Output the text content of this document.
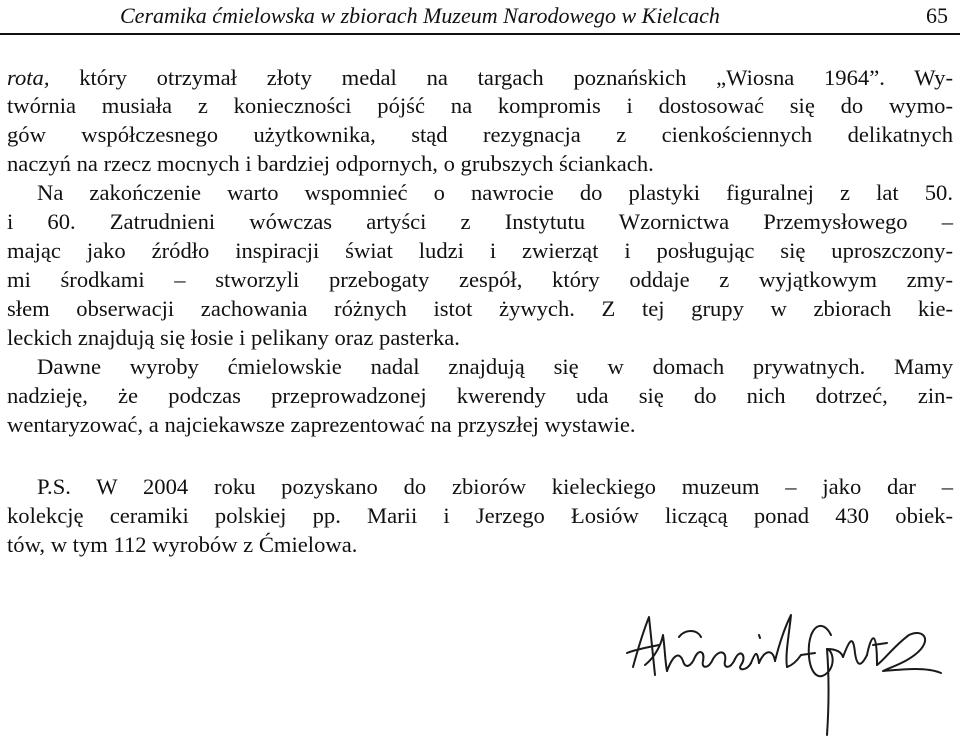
Ceramika ćmielowska w zbiorach Muzeum Narodowego w Kielcach	65
rota, który otrzymał złoty medal na targach poznańskich „Wiosna 1964”. Wy-
twórnia musiała z konieczności pójść na kompromis i dostosować się do wymo-
gów współczesnego użytkownika, stąd rezygnacja z cienkościennych delikatnych
naczyń na rzecz mocnych i bardziej odpornych, o grubszych ściankach.
Na zakończenie warto wspomnieć o nawrocie do plastyki figuralnej z lat 50.
i 60. Zatrudnieni wówczas artyści z Instytutu Wzornictwa Przemysłowego –
mając jako źródło inspiracji świat ludzi i zwierząt i posługując się uproszczony-
mi środkami – stworzyli przebogaty zespół, który oddaje z wyjątkowym zmy-
słem obserwacji zachowania różnych istot żywych. Z tej grupy w zbiorach kie-
leckich znajdują się łosie i pelikany oraz pasterka.
Dawne wyroby ćmielowskie nadal znajdują się w domach prywatnych. Mamy
nadzieję, że podczas przeprowadzonej kwerendy uda się do nich dotrzeć, zin-
wentaryzować, a najciekawsze zaprezentować na przyszłej wystawie.
P.S. W 2004 roku pozyskano do zbiorów kieleckiego muzeum – jako dar –
kolekcję ceramiki polskiej pp. Marii i Jerzego Łosiów liczącą ponad 430 obiek-
tów, w tym 112 wyrobów z Ćmielowa.
